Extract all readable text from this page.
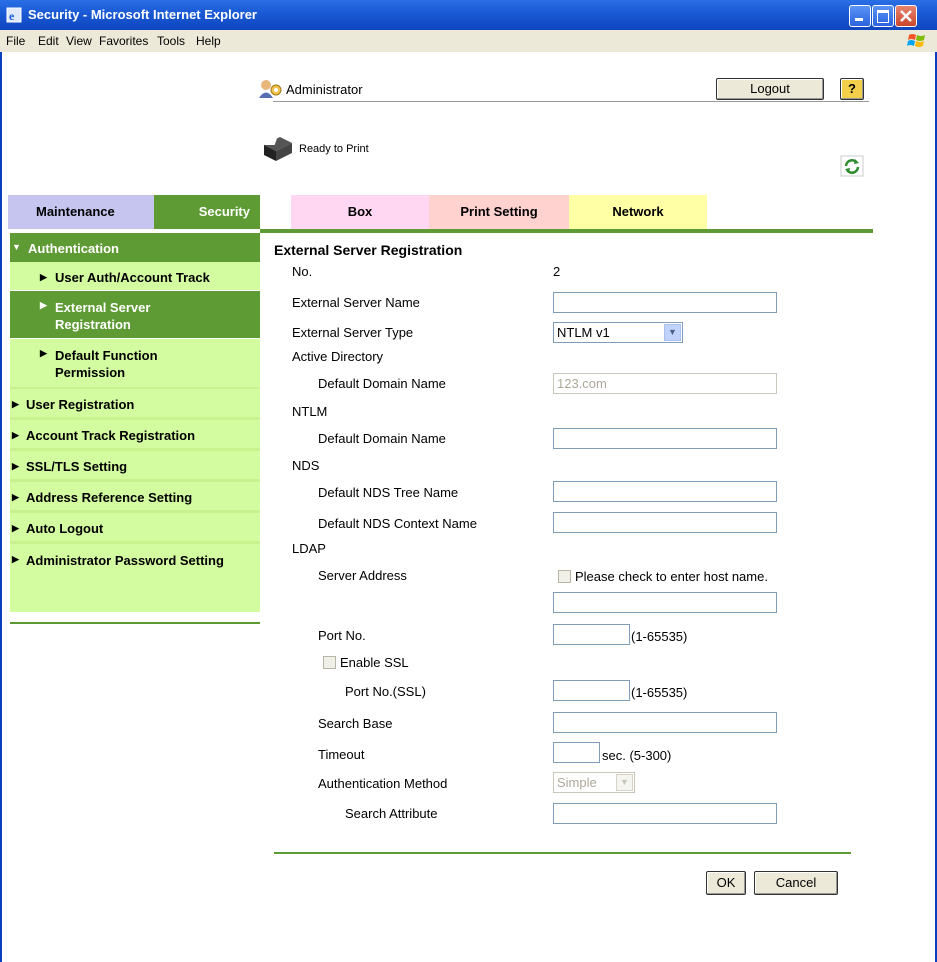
e Security - Microsoft Internet Explorer
File Edit View Favorites Tools Help
Administrator	Logout	?
Ready to Print
Maintenance	Security	Box	Print Setting	Network
▼ Authentication
▶ User Auth/Account Track
▶ External Server Registration
▶ Default Function Permission
▶ User Registration
▶ Account Track Registration
▶ SSL/TLS Setting
▶ Address Reference Setting
▶ Auto Logout
▶ Administrator Password Setting
External Server Registration
No.	2
External Server Name
External Server Type	NTLM v1	▼
Active Directory
Default Domain Name	123.com
NTLM
Default Domain Name
NDS
Default NDS Tree Name
Default NDS Context Name
LDAP
Server Address	Please check to enter host name.
Port No.	(1-65535)
Enable SSL
Port No.(SSL)	(1-65535)
Search Base
Timeout	sec. (5-300)
Authentication Method	Simple	▼
Search Attribute
OK	Cancel
